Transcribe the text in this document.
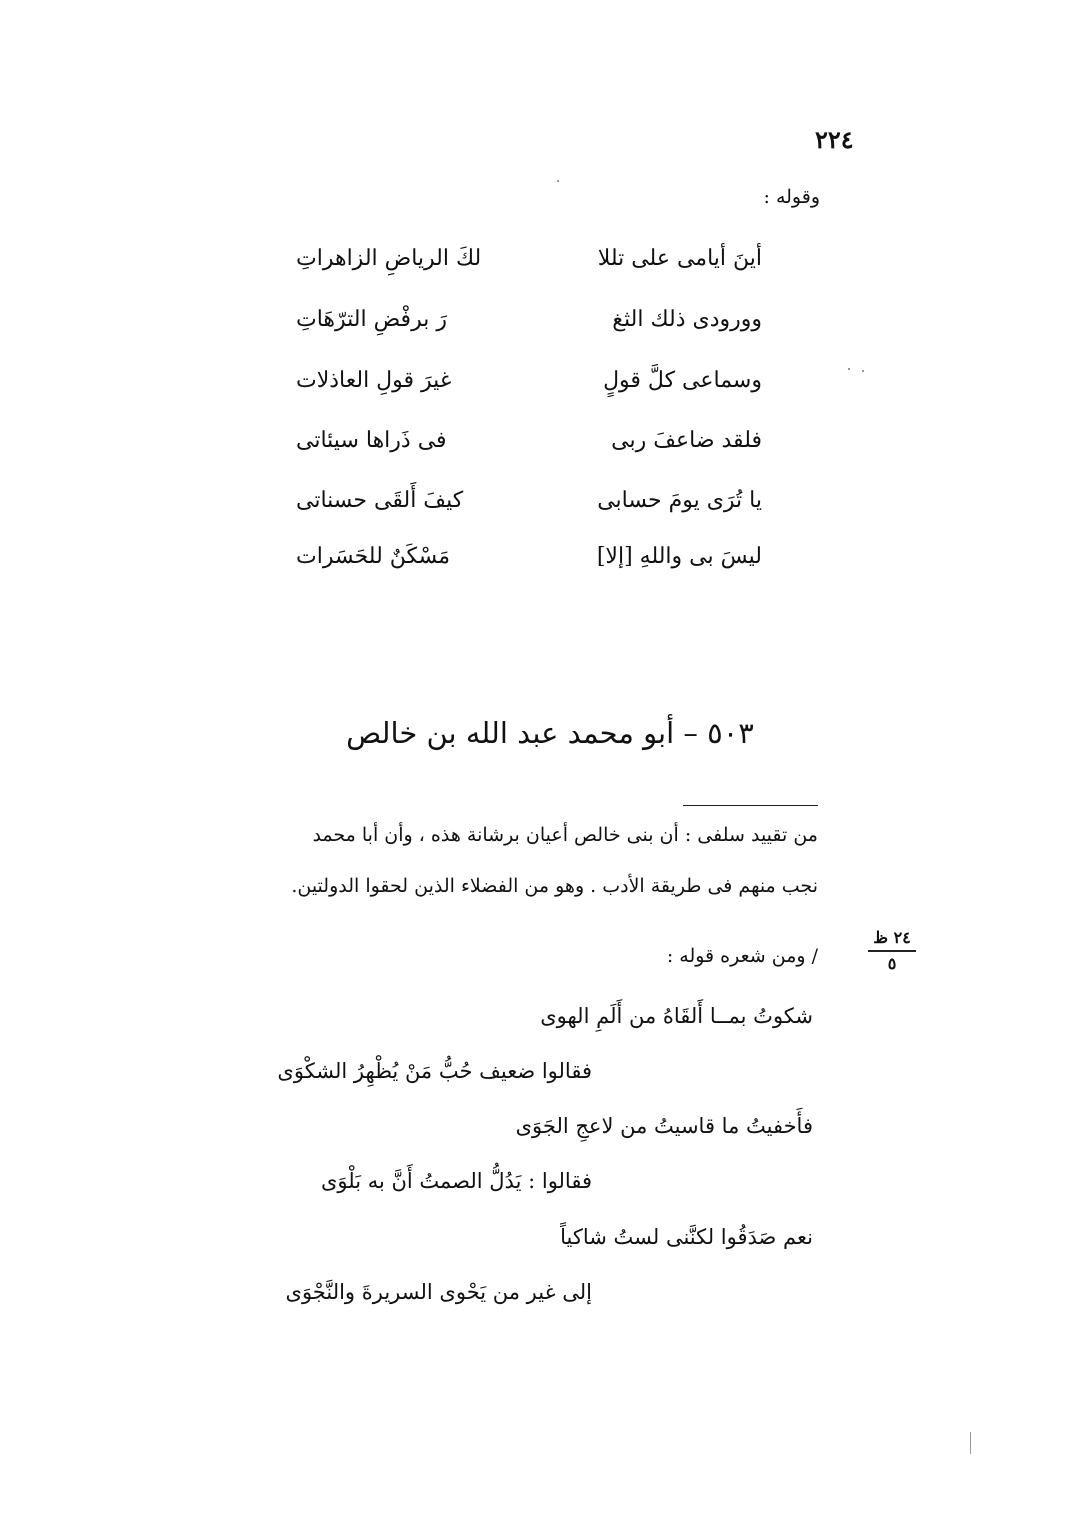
٢٢٤
وقوله :
أينَ أيامى على تللا
لكَ الرياضِ الزاهراتِ
وورودى ذلك الثغ
رَ برفْضِ الترّهَاتِ
وسماعى كلَّ قولٍ
غيرَ قولِ العاذلات
فلقد ضاعفَ ربى
فى ذَراها سيئاتى
يا تُرَى يومَ حسابى
كيفَ أَلقَى حسناتى
ليسَ بى واللهِ [إلا]
مَسْكَنٌ للحَسَرات
٥٠٣ – أبو محمد عبد الله بن خالص
من تقييد سلفى : أن بنى خالص أعيان برشانة هذه ، وأن أبا محمد
نجب منهم فى طريقة الأدب . وهو من الفضلاء الذين لحقوا الدولتين.
٢٤ ظ
٥
/ ومن شعره قوله :
شكوتُ بمــا أَلقَاهُ من أَلَمِ الهوى
فقالوا ضعيف حُبُّ مَنْ يُظْهِرُ الشكْوَى
فأَخفيتُ ما قاسيتُ من لاعجِ الجَوَى
فقالوا : يَدُلُّ الصمتُ أَنَّ به بَلْوَى
نعم صَدَقُوا لكنَّنى لستُ شاكياً
إلى غير من يَحْوى السريرةَ والنَّجْوَى
